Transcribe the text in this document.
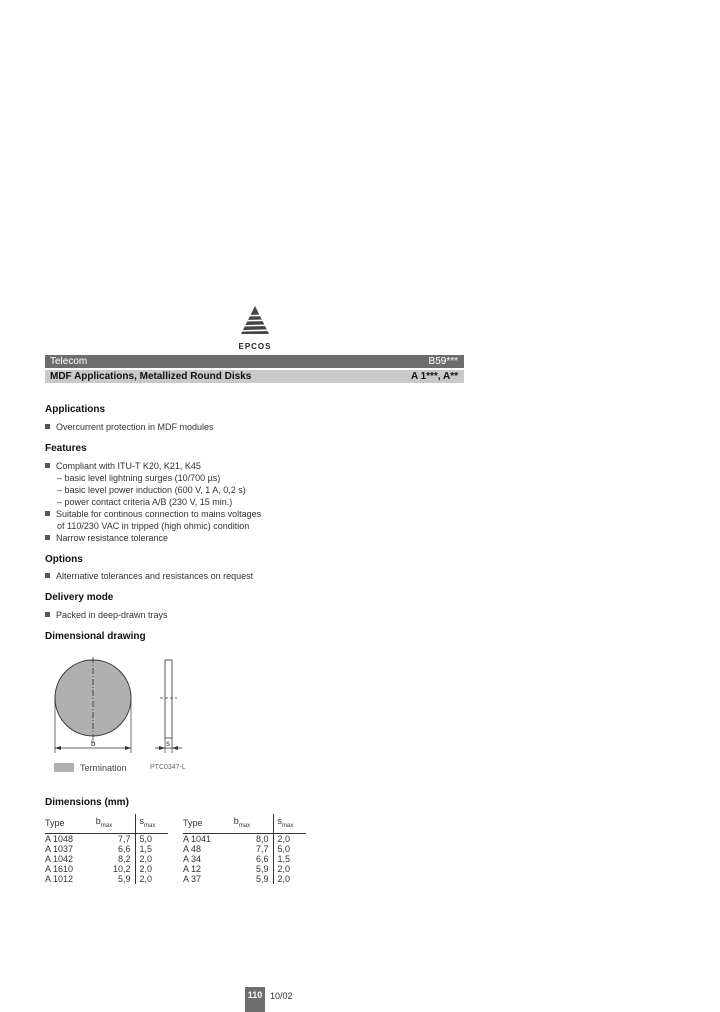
EPCOS
Telecom	B59***
MDF Applications, Metallized Round Disks	A 1***, A**
Applications
Overcurrent protection in MDF modules
Features
Compliant with ITU-T K20, K21, K45
– basic level lightning surges (10/700 µs)
– basic level power induction (600 V, 1 A, 0,2 s)
– power contact criteria A/B (230 V, 15 min.)
Suitable for continous connection to mains voltages
of 110/230 VAC in tripped (high ohmic) condition
Narrow resistance tolerance
Options
Alternative tolerances and resistances on request
Delivery mode
Packed in deep-drawn trays
Dimensional drawing
b	s
Termination	PTC0347-L
Dimensions (mm)
Type	$b_{max}$	$s_{max}$
A 1048	7,7	5,0
A 1037	6,6	1,5
A 1042	8,2	2,0
A 1610	10,2	2,0
A 1012	5,9	2,0
Type	$b_{max}$	$s_{max}$
A 1041	8,0	2,0
A 48	7,7	5,0
A 34	6,6	1,5
A 12	5,9	2,0
A 37	5,9	2,0
110 10/02
